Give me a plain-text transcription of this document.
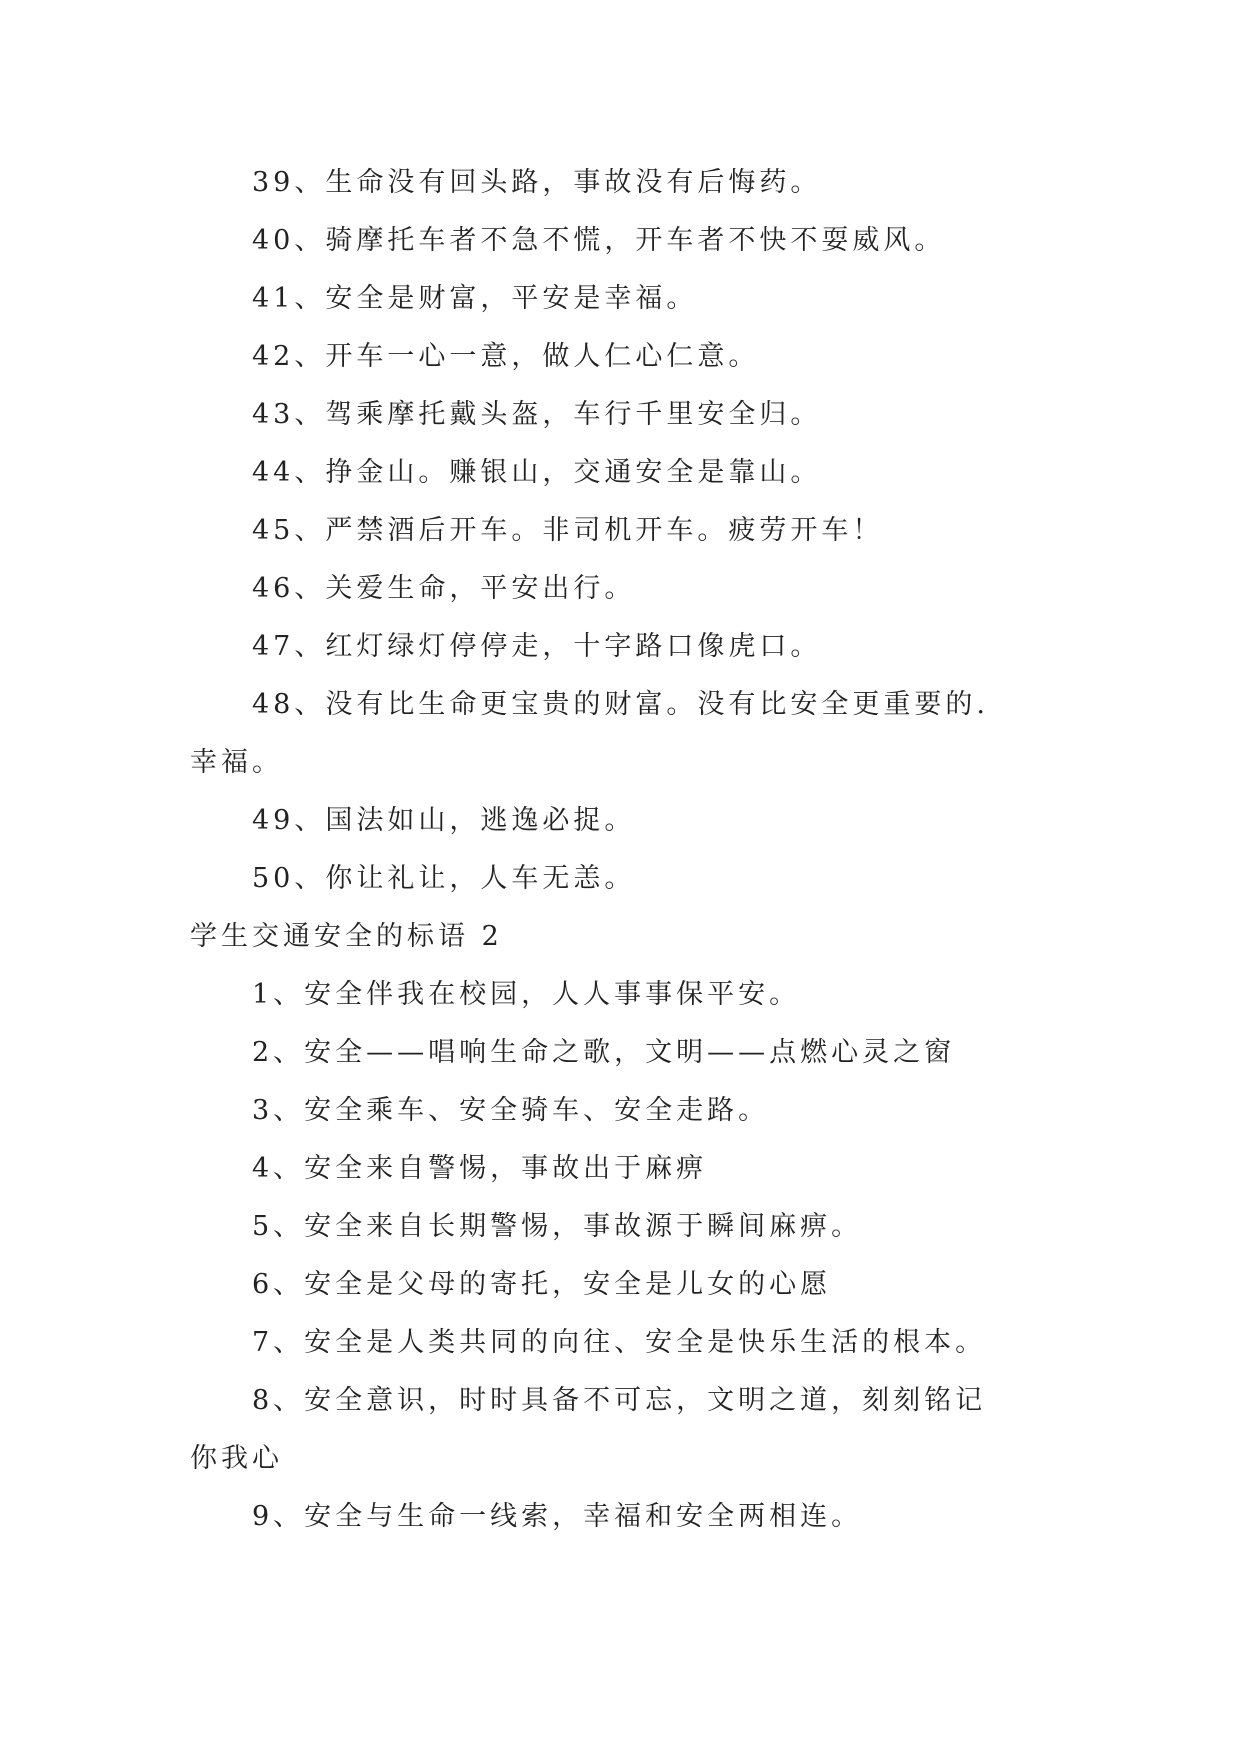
39、生命没有回头路，事故没有后悔药。
40、骑摩托车者不急不慌，开车者不快不耍威风。
41、安全是财富，平安是幸福。
42、开车一心一意，做人仁心仁意。
43、驾乘摩托戴头盔，车行千里安全归。
44、挣金山。赚银山，交通安全是靠山。
45、严禁酒后开车。非司机开车。疲劳开车！
46、关爱生命，平安出行。
47、红灯绿灯停停走，十字路口像虎口。
48、没有比生命更宝贵的财富。没有比安全更重要的.
幸福。
49、国法如山，逃逸必捉。
50、你让礼让，人车无恙。
学生交通安全的标语 2
1、安全伴我在校园，人人事事保平安。
2、安全——唱响生命之歌，文明——点燃心灵之窗
3、安全乘车、安全骑车、安全走路。
4、安全来自警惕，事故出于麻痹
5、安全来自长期警惕，事故源于瞬间麻痹。
6、安全是父母的寄托，安全是儿女的心愿
7、安全是人类共同的向往、安全是快乐生活的根本。
8、安全意识，时时具备不可忘，文明之道，刻刻铭记
你我心
9、安全与生命一线索，幸福和安全两相连。
